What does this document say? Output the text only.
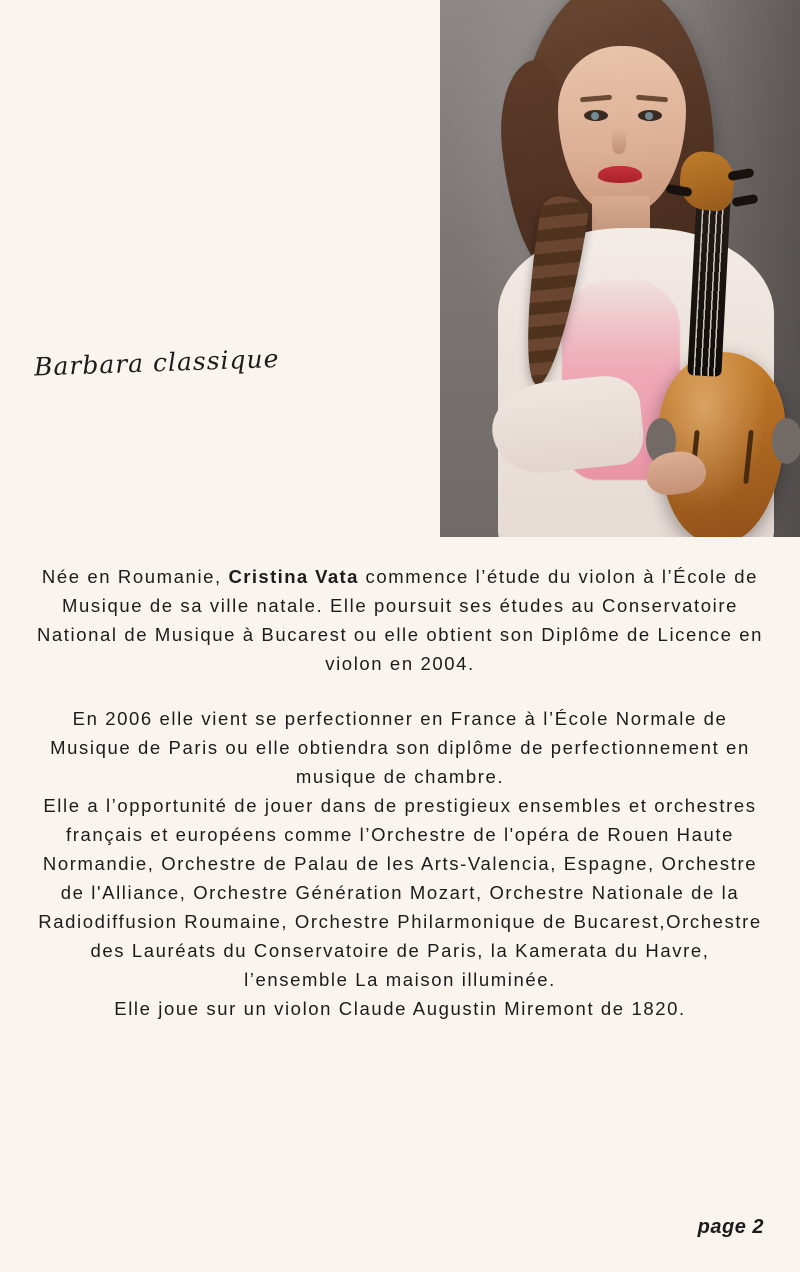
Barbara classique

Née en Roumanie, Cristina Vata commence l’étude du violon à l’École de Musique de sa ville natale. Elle poursuit ses études au Conservatoire National de Musique à Bucarest ou elle obtient son Diplôme de Licence en violon en 2004.

En 2006 elle vient se perfectionner en France à l’École Normale de Musique de Paris ou elle obtiendra son diplôme de perfectionnement en musique de chambre.

Elle a l’opportunité de jouer dans de prestigieux ensembles et orchestres français et européens comme l’Orchestre de l'opéra de Rouen Haute Normandie, Orchestre de Palau de les Arts-Valencia, Espagne, Orchestre de l'Alliance, Orchestre Génération Mozart, Orchestre Nationale de la Radiodiffusion Roumaine, Orchestre Philarmonique de Bucarest,Orchestre des Lauréats du Conservatoire de Paris, la Kamerata du Havre, l’ensemble La maison illuminée.

Elle joue sur un violon Claude Augustin Miremont de 1820.

page 2
